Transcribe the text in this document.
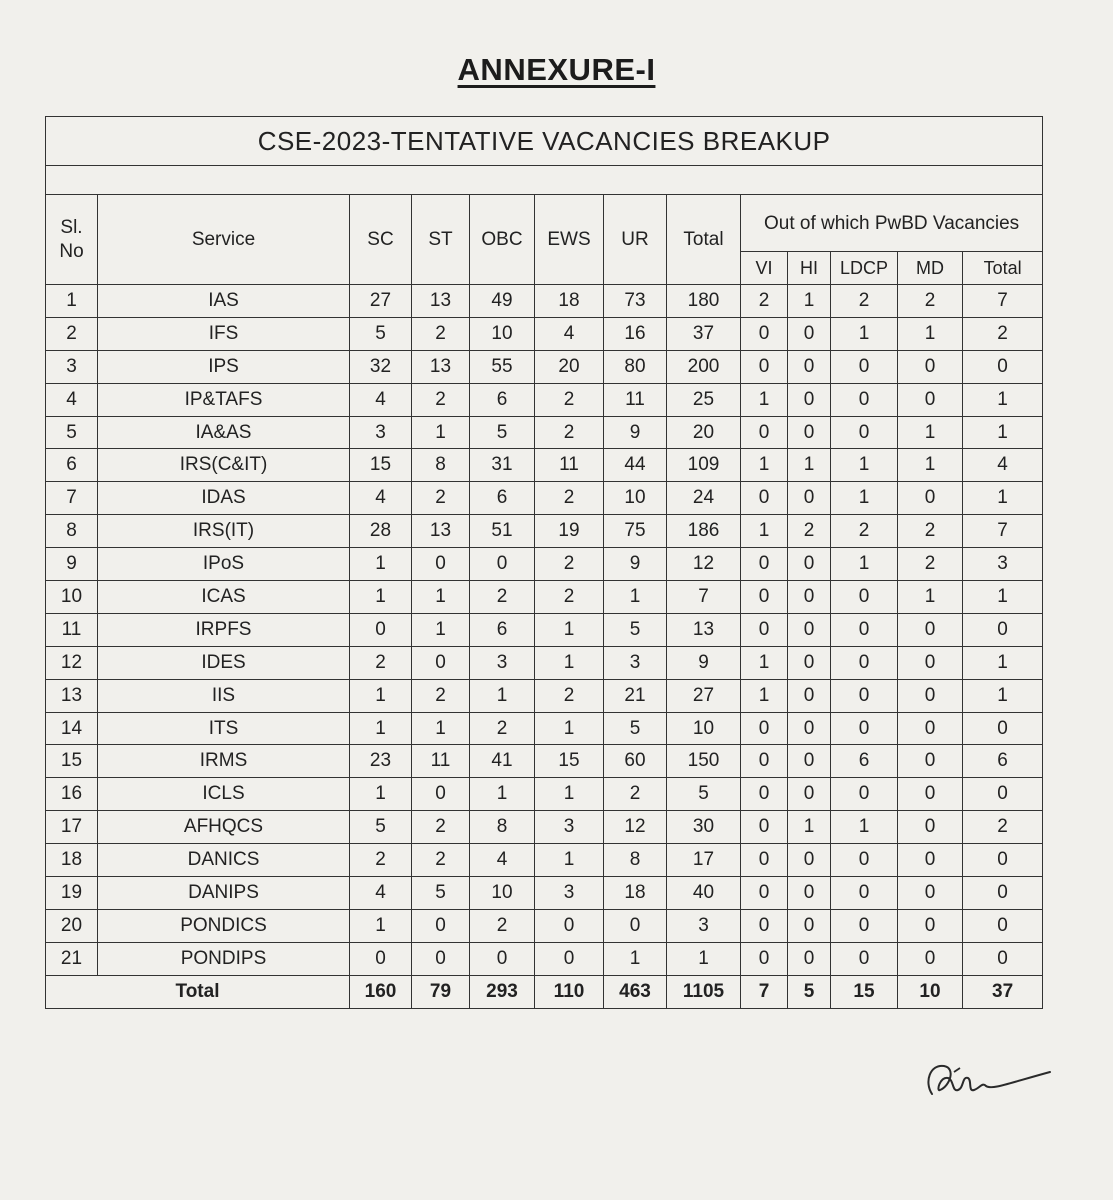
ANNEXURE-I
CSE-2023-TENTATIVE VACANCIES BREAKUP												

Sl. No	Service	SC	ST	OBC	EWS	UR	Total	Out of which PwBD Vacancies				
								VI	HI	LDCP	MD	Total
1	IAS	27	13	49	18	73	180	2	1	2	2	7
2	IFS	5	2	10	4	16	37	0	0	1	1	2
3	IPS	32	13	55	20	80	200	0	0	0	0	0
4	IP&TAFS	4	2	6	2	11	25	1	0	0	0	1
5	IA&AS	3	1	5	2	9	20	0	0	0	1	1
6	IRS(C&IT)	15	8	31	11	44	109	1	1	1	1	4
7	IDAS	4	2	6	2	10	24	0	0	1	0	1
8	IRS(IT)	28	13	51	19	75	186	1	2	2	2	7
9	IPoS	1	0	0	2	9	12	0	0	1	2	3
10	ICAS	1	1	2	2	1	7	0	0	0	1	1
11	IRPFS	0	1	6	1	5	13	0	0	0	0	0
12	IDES	2	0	3	1	3	9	1	0	0	0	1
13	IIS	1	2	1	2	21	27	1	0	0	0	1
14	ITS	1	1	2	1	5	10	0	0	0	0	0
15	IRMS	23	11	41	15	60	150	0	0	6	0	6
16	ICLS	1	0	1	1	2	5	0	0	0	0	0
17	AFHQCS	5	2	8	3	12	30	0	1	1	0	2
18	DANICS	2	2	4	1	8	17	0	0	0	0	0
19	DANIPS	4	5	10	3	18	40	0	0	0	0	0
20	PONDICS	1	0	2	0	0	3	0	0	0	0	0
21	PONDIPS	0	0	0	0	1	1	0	0	0	0	0
Total		160	79	293	110	463	1105	7	5	15	10	37
